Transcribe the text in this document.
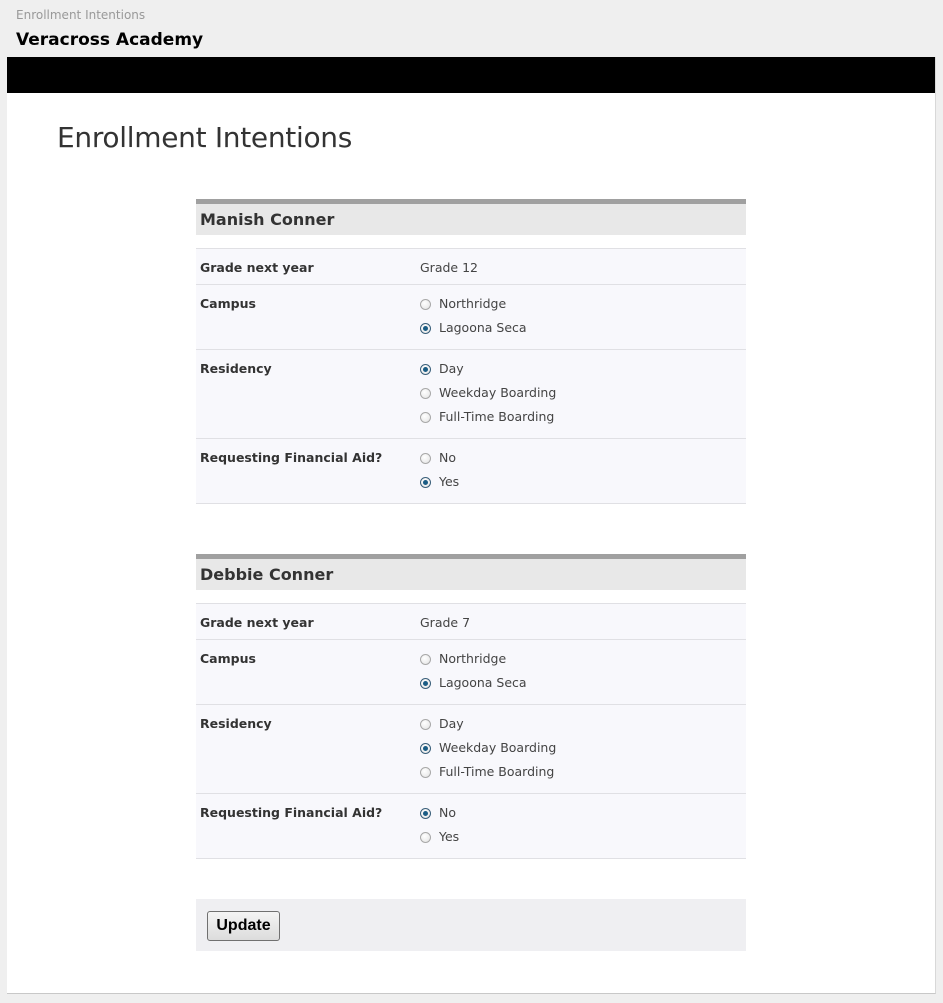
Enrollment Intentions
Veracross Academy
Enrollment Intentions
Manish Conner
Grade next year	Grade 12
Campus	Northridge
Lagoona Seca
Residency	Day
Weekday Boarding
Full-Time Boarding
Requesting Financial Aid?	No
Yes
Debbie Conner
Grade next year	Grade 7
Campus	Northridge
Lagoona Seca
Residency	Day
Weekday Boarding
Full-Time Boarding
Requesting Financial Aid?	No
Yes
Update
